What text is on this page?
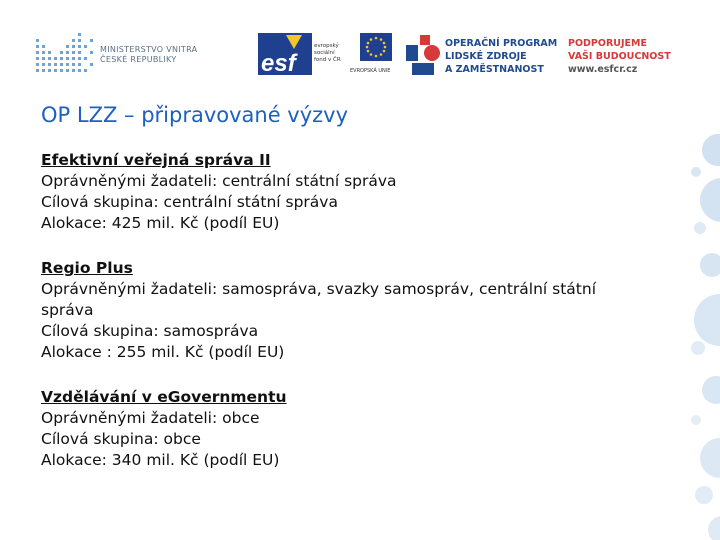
MINISTERSTVO VNITRA
ČESKÉ REPUBLIKY	esf
evropský
sociální
fond v ČR
EVROPSKÁ UNIE
OPERAČNÍ PROGRAM
LIDSKÉ ZDROJE
A ZAMĚSTNANOST
PODPORUJEME
VAŠI BUDOUCNOST
www.esfcr.cz
OP LZZ – připravované výzvy

Efektivní veřejná správa II

Oprávněnými žadateli: centrální státní správa

Cílová skupina: centrální státní správa

Alokace: 425 mil. Kč (podíl EU)

Regio Plus

Oprávněnými žadateli: samospráva, svazky samospráv, centrální státní správa

Cílová skupina: samospráva

Alokace : 255 mil. Kč (podíl EU)

Vzdělávání v eGovernmentu

Oprávněnými žadateli: obce

Cílová skupina: obce

Alokace: 340 mil. Kč (podíl EU)
